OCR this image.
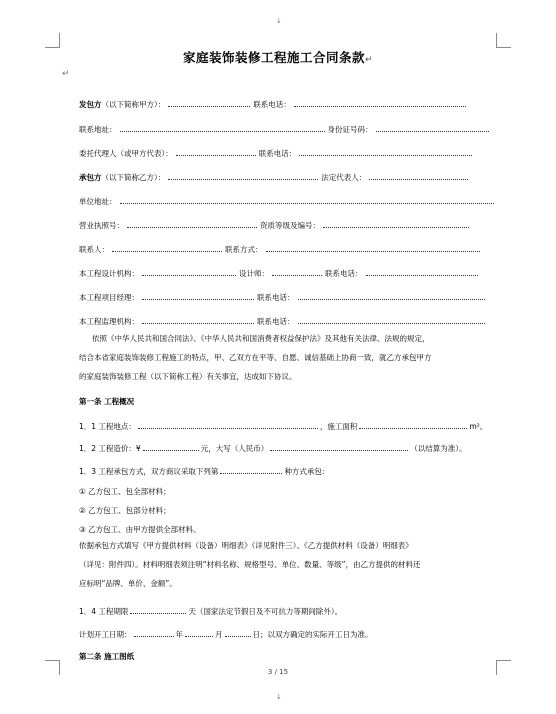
↓
↵
↓
家庭装饰装修工程施工合同条款↵
发包方（以下简称甲方）：	联系电话：
联系地址：	身份证号码：
委托代理人（或甲方代表）：	联系电话：
承包方（以下简称乙方）：	法定代表人：
单位地址：
营业执照号：	资质等级及编号：
联系人：	联系方式：
本工程设计机构：	设计师：	联系电话：
本工程项目经理：	联系电话：
本工程监理机构：	联系电话：
依照《中华人民共和国合同法》、《中华人民共和国消费者权益保护法》及其他有关法律、法规的规定，
结合本省家庭装饰装修工程施工的特点，甲、乙双方在平等、自愿、诚信基础上协商一致，就乙方承包甲方
的家庭装饰装修工程（以下简称工程）有关事宜，达成如下协议。
第一条 工程概况
1．1 工程地点：	，施工面积	m²。
1．2 工程造价：¥	元，大写（人民币）	（以结算为准）。
1．3 工程承包方式，双方商议采取下列第	种方式承包：
① 乙方包工、包全部材料；
② 乙方包工、包部分材料；
③ 乙方包工、由甲方提供全部材料。
依据承包方式填写《甲方提供材料（设备）明细表》（详见附件三）、《乙方提供材料（设备）明细表》
（详见：附件四）。材料明细表须注明“材料名称、规格型号、单位、数量、等级”，由乙方提供的材料还
应标明“品牌、单价、金额”。
1．4 工程期限	天（国家法定节假日及不可抗力等期间除外）。
计划开工日期：	年	月	日；以双方确定的实际开工日为准。
第二条 施工图纸
3 / 15
